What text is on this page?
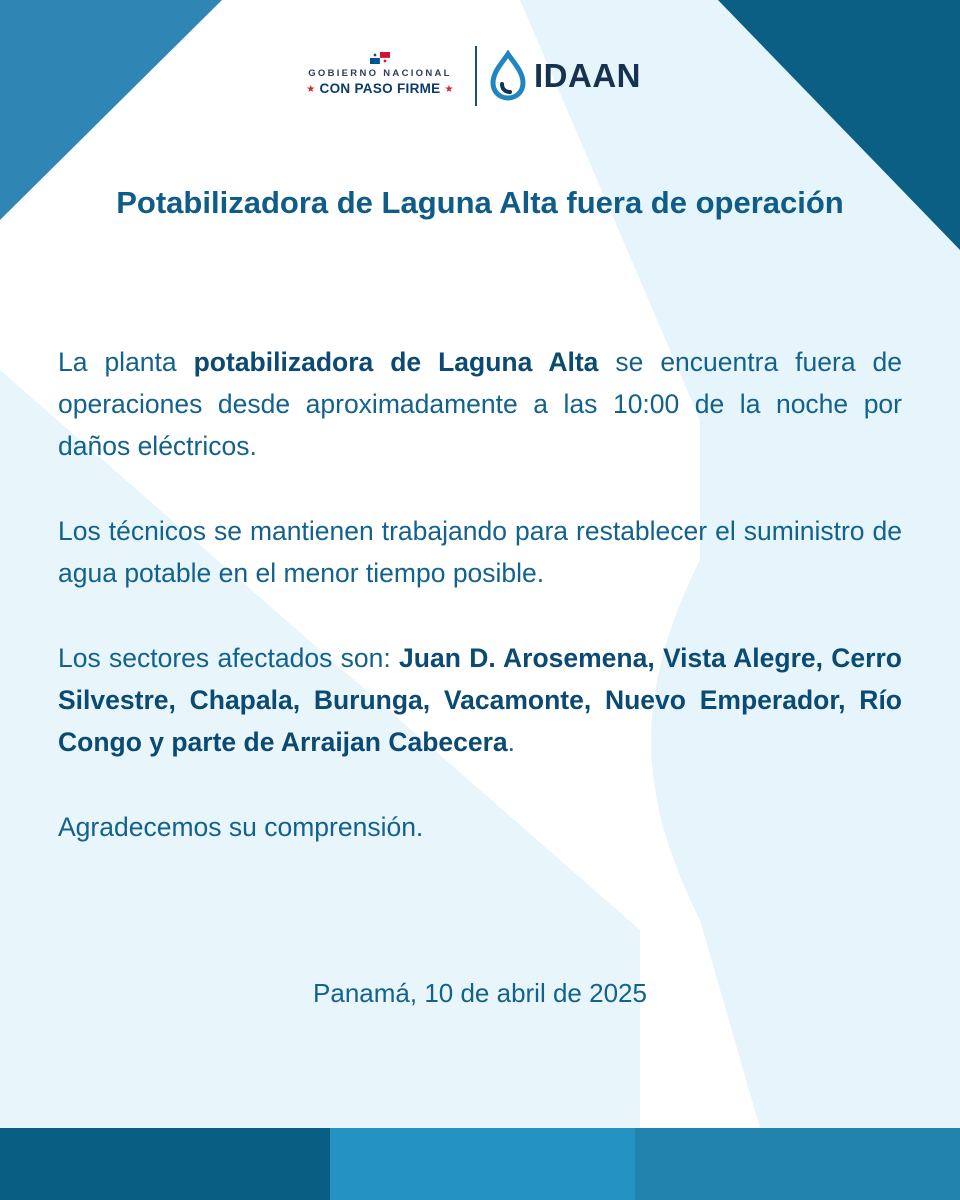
GOBIERNO NACIONAL
★ CON PASO FIRME ★	IDAAN
Potabilizadora de Laguna Alta fuera de operación

La planta potabilizadora de Laguna Alta se encuentra fuera de operaciones desde aproximadamente a las 10:00 de la noche por daños eléctricos.

Los técnicos se mantienen trabajando para restablecer el suministro de agua potable en el menor tiempo posible.

Los sectores afectados son: Juan D. Arosemena, Vista Alegre, Cerro Silvestre, Chapala, Burunga, Vacamonte, Nuevo Emperador, Río Congo y parte de Arraijan Cabecera.

Agradecemos su comprensión.

Panamá, 10 de abril de 2025
